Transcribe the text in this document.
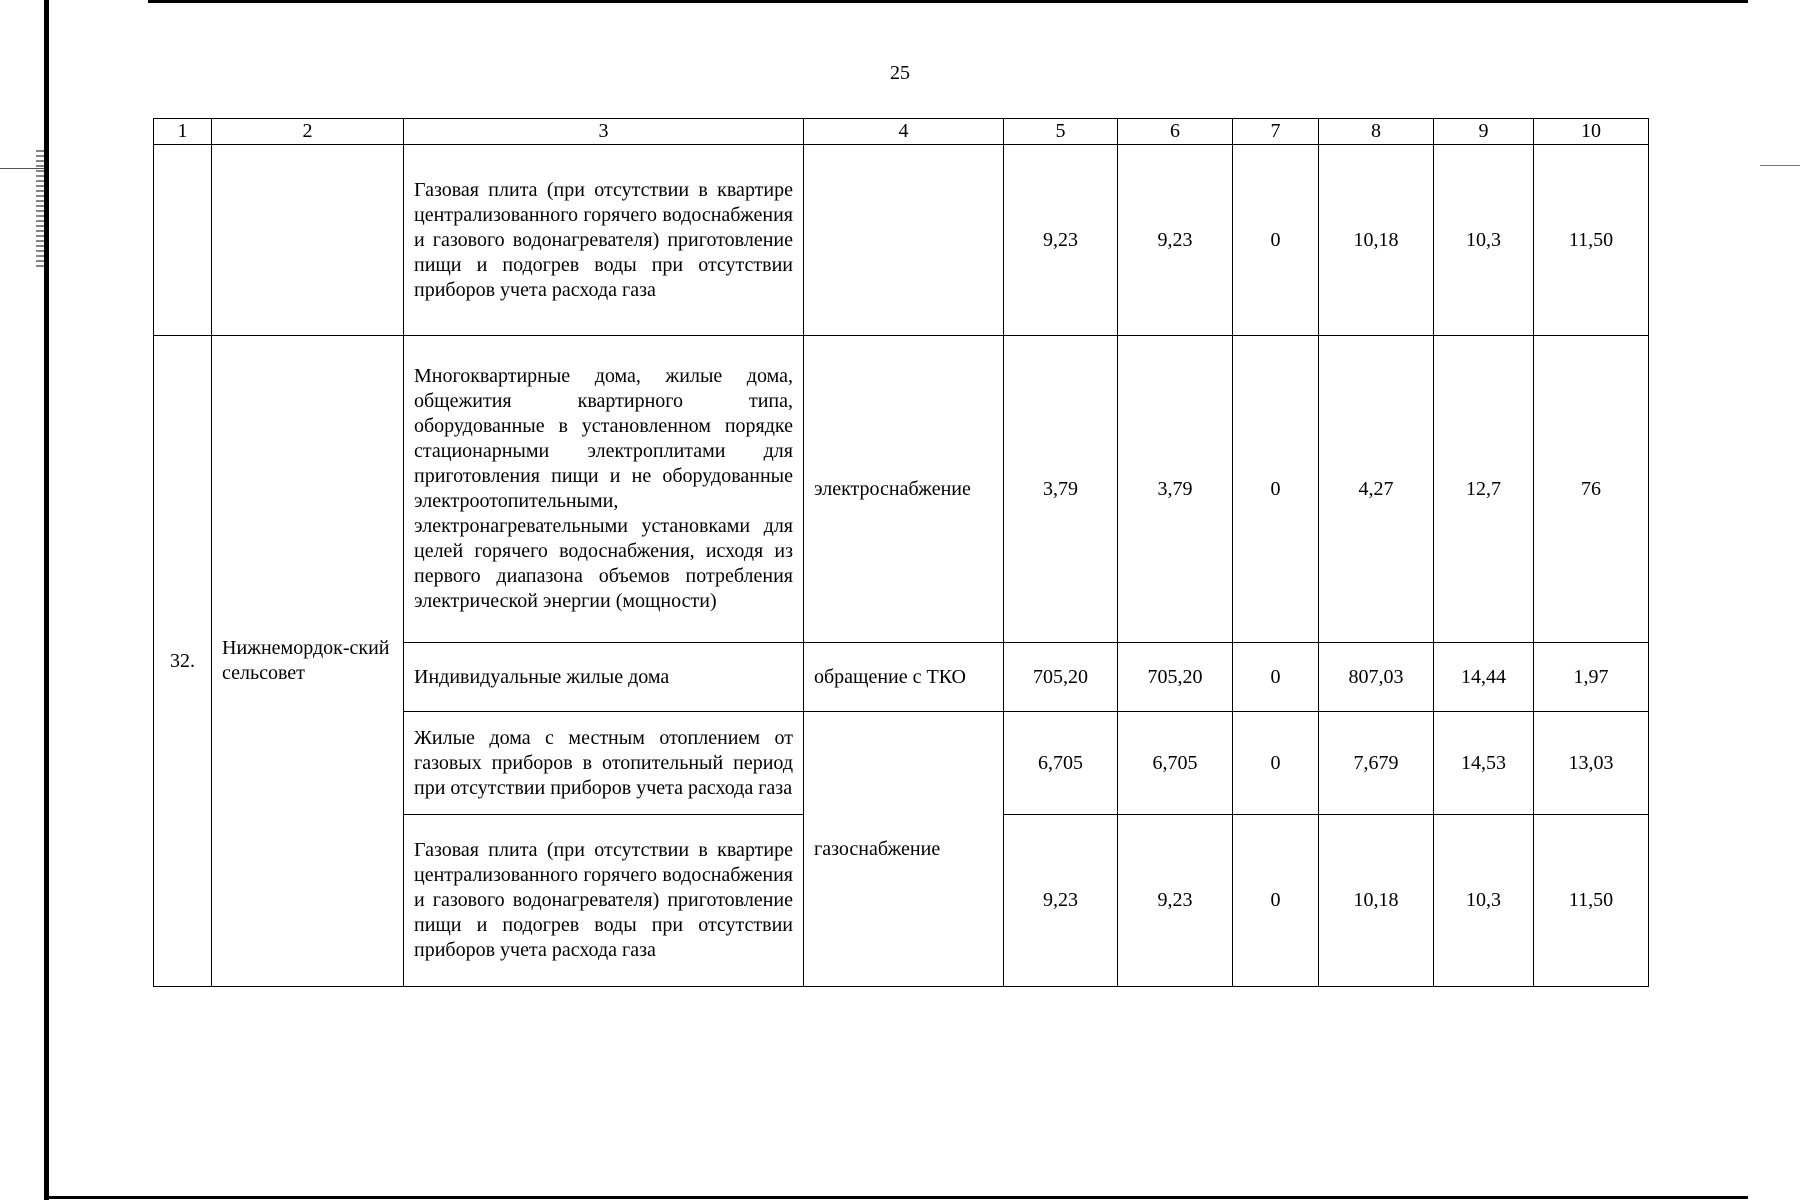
25
1	2	3	4	5	6	7	8	9	10
		Газовая плита (при отсутствии в квартире централизованного горячего водоснабжения и газового водонагревателя) приготовление пищи и подогрев воды при отсутствии приборов учета расхода газа		9,23	9,23	0	10,18	10,3	11,50
32.	Нижнемордок-ский сельсовет	Многоквартирные дома, жилые дома, общежития квартирного типа, оборудованные в установленном порядке стационарными электроплитами для приготовления пищи и не оборудованные электроотопительными, электронагревательными установками для целей горячего водоснабжения, исходя из первого диапазона объемов потребления электрической энергии (мощности)	электроснабжение	3,79	3,79	0	4,27	12,7	76
		Индивидуальные жилые дома	обращение с ТКО	705,20	705,20	0	807,03	14,44	1,97
		Жилые дома с местным отоплением от газовых приборов в отопительный период при отсутствии приборов учета расхода газа	газоснабжение	6,705	6,705	0	7,679	14,53	13,03
		Газовая плита (при отсутствии в квартире централизованного горячего водоснабжения и газового водонагревателя) приготовление пищи и подогрев воды при отсутствии приборов учета расхода газа		9,23	9,23	0	10,18	10,3	11,50
